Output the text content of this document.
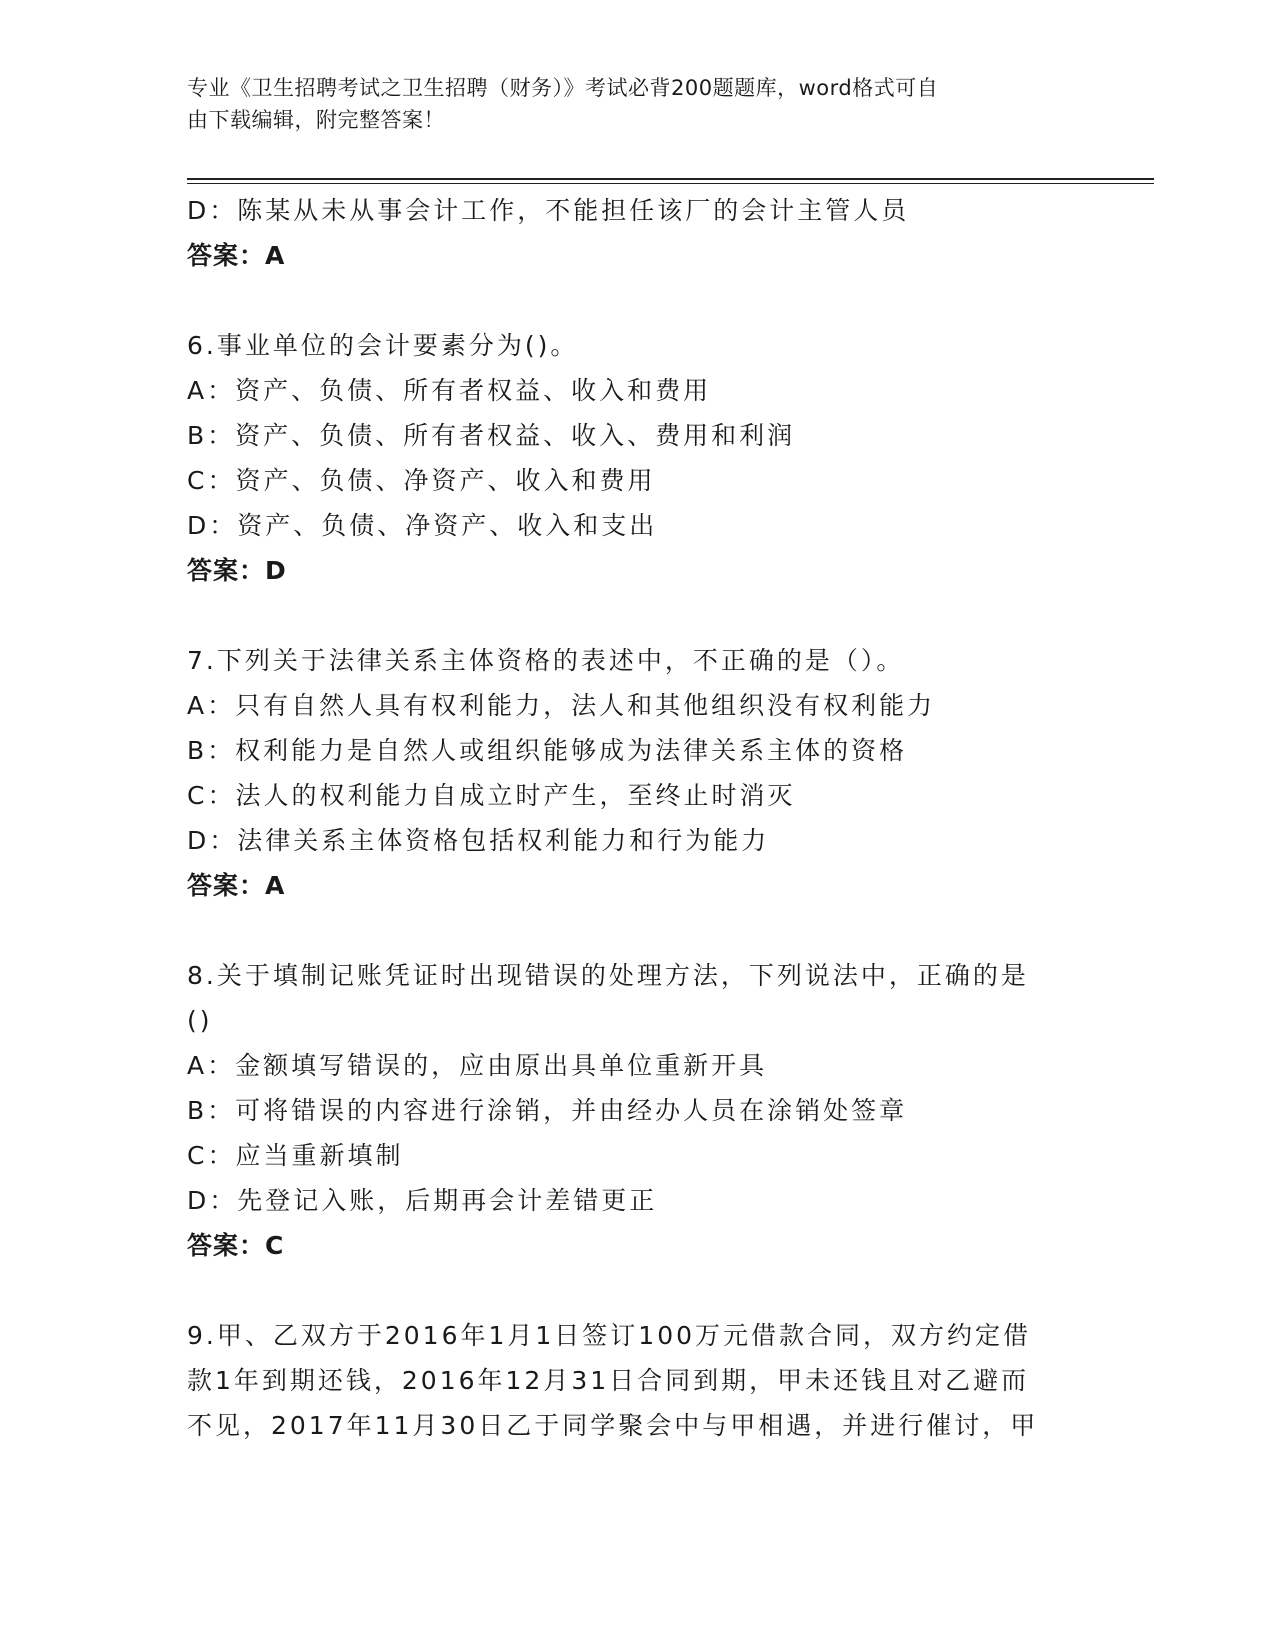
专业《卫生招聘考试之卫生招聘（财务）》考试必背200题题库，word格式可自
由下载编辑，附完整答案！
D：陈某从未从事会计工作，不能担任该厂的会计主管人员
答案：A
6.事业单位的会计要素分为()。
A：资产、负债、所有者权益、收入和费用
B：资产、负债、所有者权益、收入、费用和利润
C：资产、负债、净资产、收入和费用
D：资产、负债、净资产、收入和支出
答案：D
7.下列关于法律关系主体资格的表述中，不正确的是（）。
A：只有自然人具有权利能力，法人和其他组织没有权利能力
B：权利能力是自然人或组织能够成为法律关系主体的资格
C：法人的权利能力自成立时产生，至终止时消灭
D：法律关系主体资格包括权利能力和行为能力
答案：A
8.关于填制记账凭证时出现错误的处理方法，下列说法中，正确的是
()
A：金额填写错误的，应由原出具单位重新开具
B：可将错误的内容进行涂销，并由经办人员在涂销处签章
C：应当重新填制
D：先登记入账，后期再会计差错更正
答案：C
9.甲、乙双方于2016年1月1日签订100万元借款合同，双方约定借
款1年到期还钱，2016年12月31日合同到期，甲未还钱且对乙避而
不见，2017年11月30日乙于同学聚会中与甲相遇，并进行催讨，甲
